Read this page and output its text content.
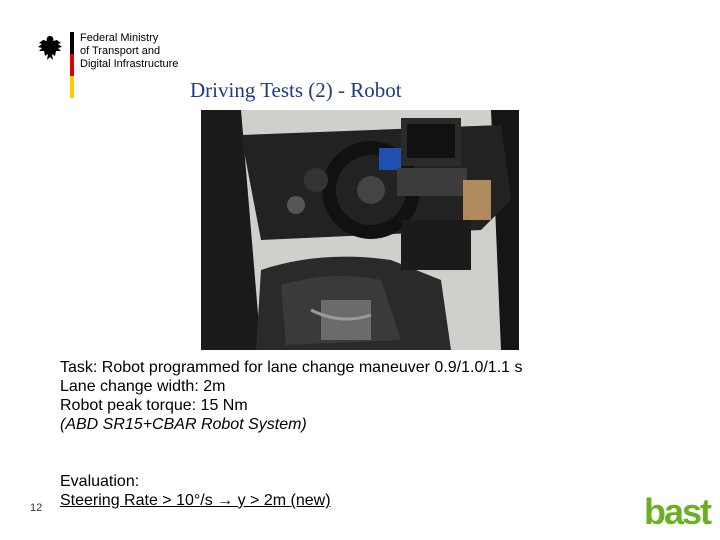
Federal Ministry
of Transport and
Digital Infrastructure
Driving Tests (2) - Robot
Task: Robot programmed for lane change maneuver 0.9/1.0/1.1 s
Lane change width: 2m
Robot peak torque: 15 Nm
(ABD SR15+CBAR Robot System)
Evaluation:
Steering Rate > 10°/s → y > 2m (new)
12	bast
